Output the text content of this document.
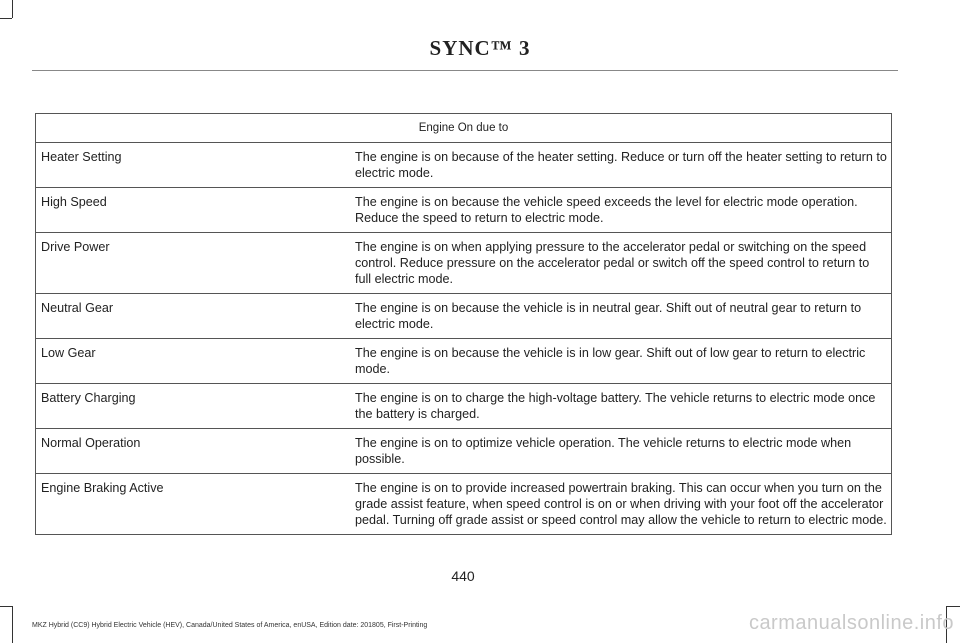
SYNC™ 3
Engine On due to	
Heater Setting	The engine is on because of the heater setting. Reduce or turn off the heater setting to return to electric mode.
High Speed	The engine is on because the vehicle speed exceeds the level for electric mode operation. Reduce the speed to return to electric mode.
Drive Power	The engine is on when applying pressure to the accelerator pedal or switching on the speed control. Reduce pressure on the accelerator pedal or switch off the speed control to return to full electric mode.
Neutral Gear	The engine is on because the vehicle is in neutral gear. Shift out of neutral gear to return to electric mode.
Low Gear	The engine is on because the vehicle is in low gear. Shift out of low gear to return to electric mode.
Battery Charging	The engine is on to charge the high-voltage battery. The vehicle returns to electric mode once the battery is charged.
Normal Operation	The engine is on to optimize vehicle operation. The vehicle returns to electric mode when possible.
Engine Braking Active	The engine is on to provide increased powertrain braking. This can occur when you turn on the grade assist feature, when speed control is on or when driving with your foot off the accelerator pedal. Turning off grade assist or speed control may allow the vehicle to return to electric mode.
440
MKZ Hybrid (CC9) Hybrid Electric Vehicle (HEV), Canada/United States of America, enUSA, Edition date: 201805, First-Printing	carmanualsonline.info
